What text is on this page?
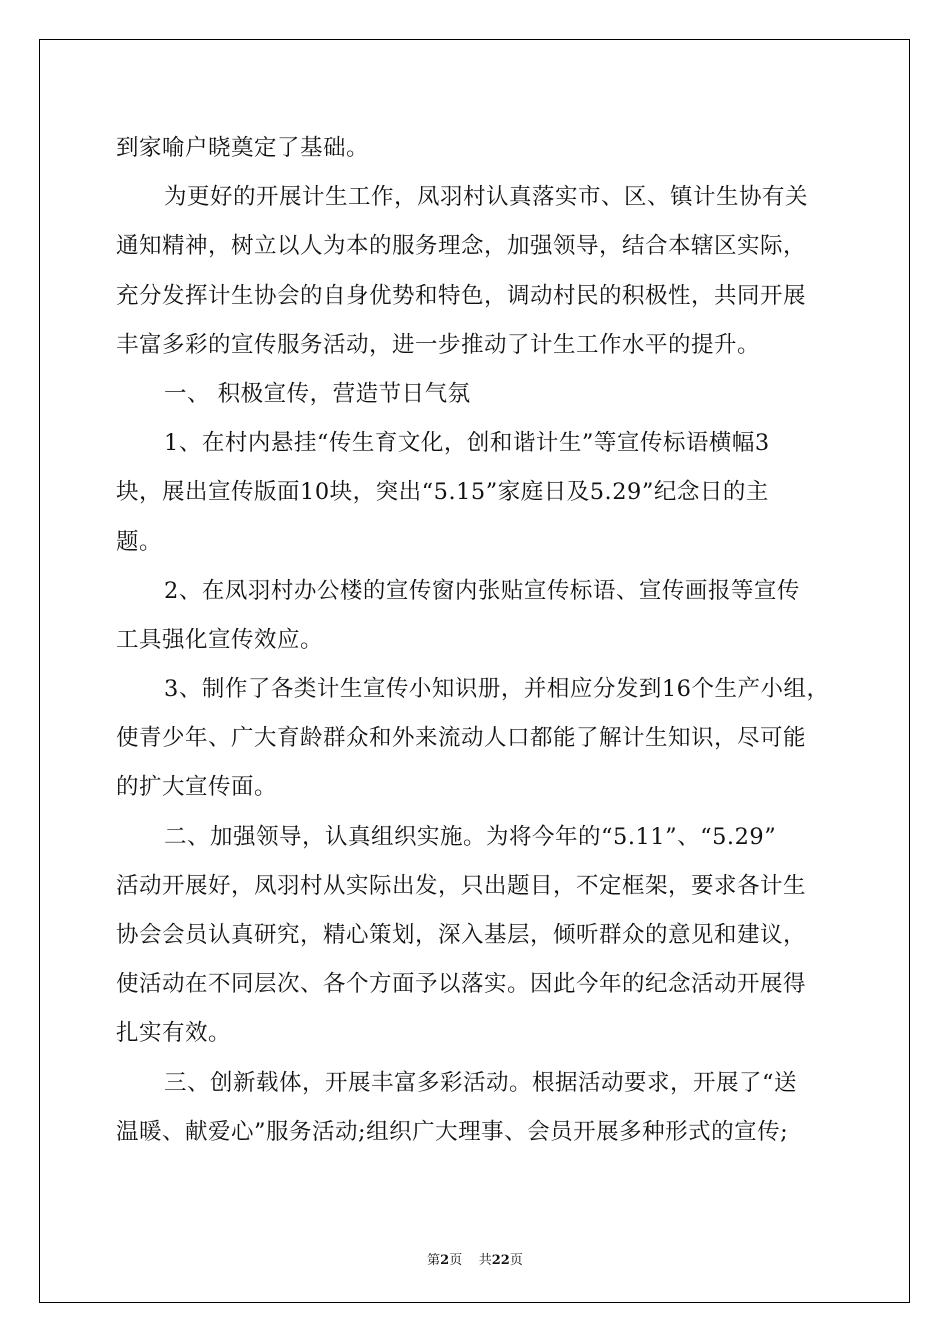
到家喻户晓奠定了基础。
为更好的开展计生工作，凤羽村认真落实市、区、镇计生协有关
通知精神，树立以人为本的服务理念，加强领导，结合本辖区实际，
充分发挥计生协会的自身优势和特色，调动村民的积极性，共同开展
丰富多彩的宣传服务活动，进一步推动了计生工作水平的提升。
一、 积极宣传，营造节日气氛
1、在村内悬挂“传生育文化，创和谐计生”等宣传标语横幅3
块，展出宣传版面10块，突出“5.15”家庭日及5.29”纪念日的主
题。
2、在凤羽村办公楼的宣传窗内张贴宣传标语、宣传画报等宣传
工具强化宣传效应。
3、制作了各类计生宣传小知识册，并相应分发到16个生产小组，
使青少年、广大育龄群众和外来流动人口都能了解计生知识，尽可能
的扩大宣传面。
二、加强领导，认真组织实施。为将今年的“5.11”、“5.29”
活动开展好，凤羽村从实际出发，只出题目，不定框架，要求各计生
协会会员认真研究，精心策划，深入基层，倾听群众的意见和建议，
使活动在不同层次、各个方面予以落实。因此今年的纪念活动开展得
扎实有效。
三、创新载体，开展丰富多彩活动。根据活动要求，开展了“送
温暖、献爱心”服务活动;组织广大理事、会员开展多种形式的宣传;
第2页 共22页
